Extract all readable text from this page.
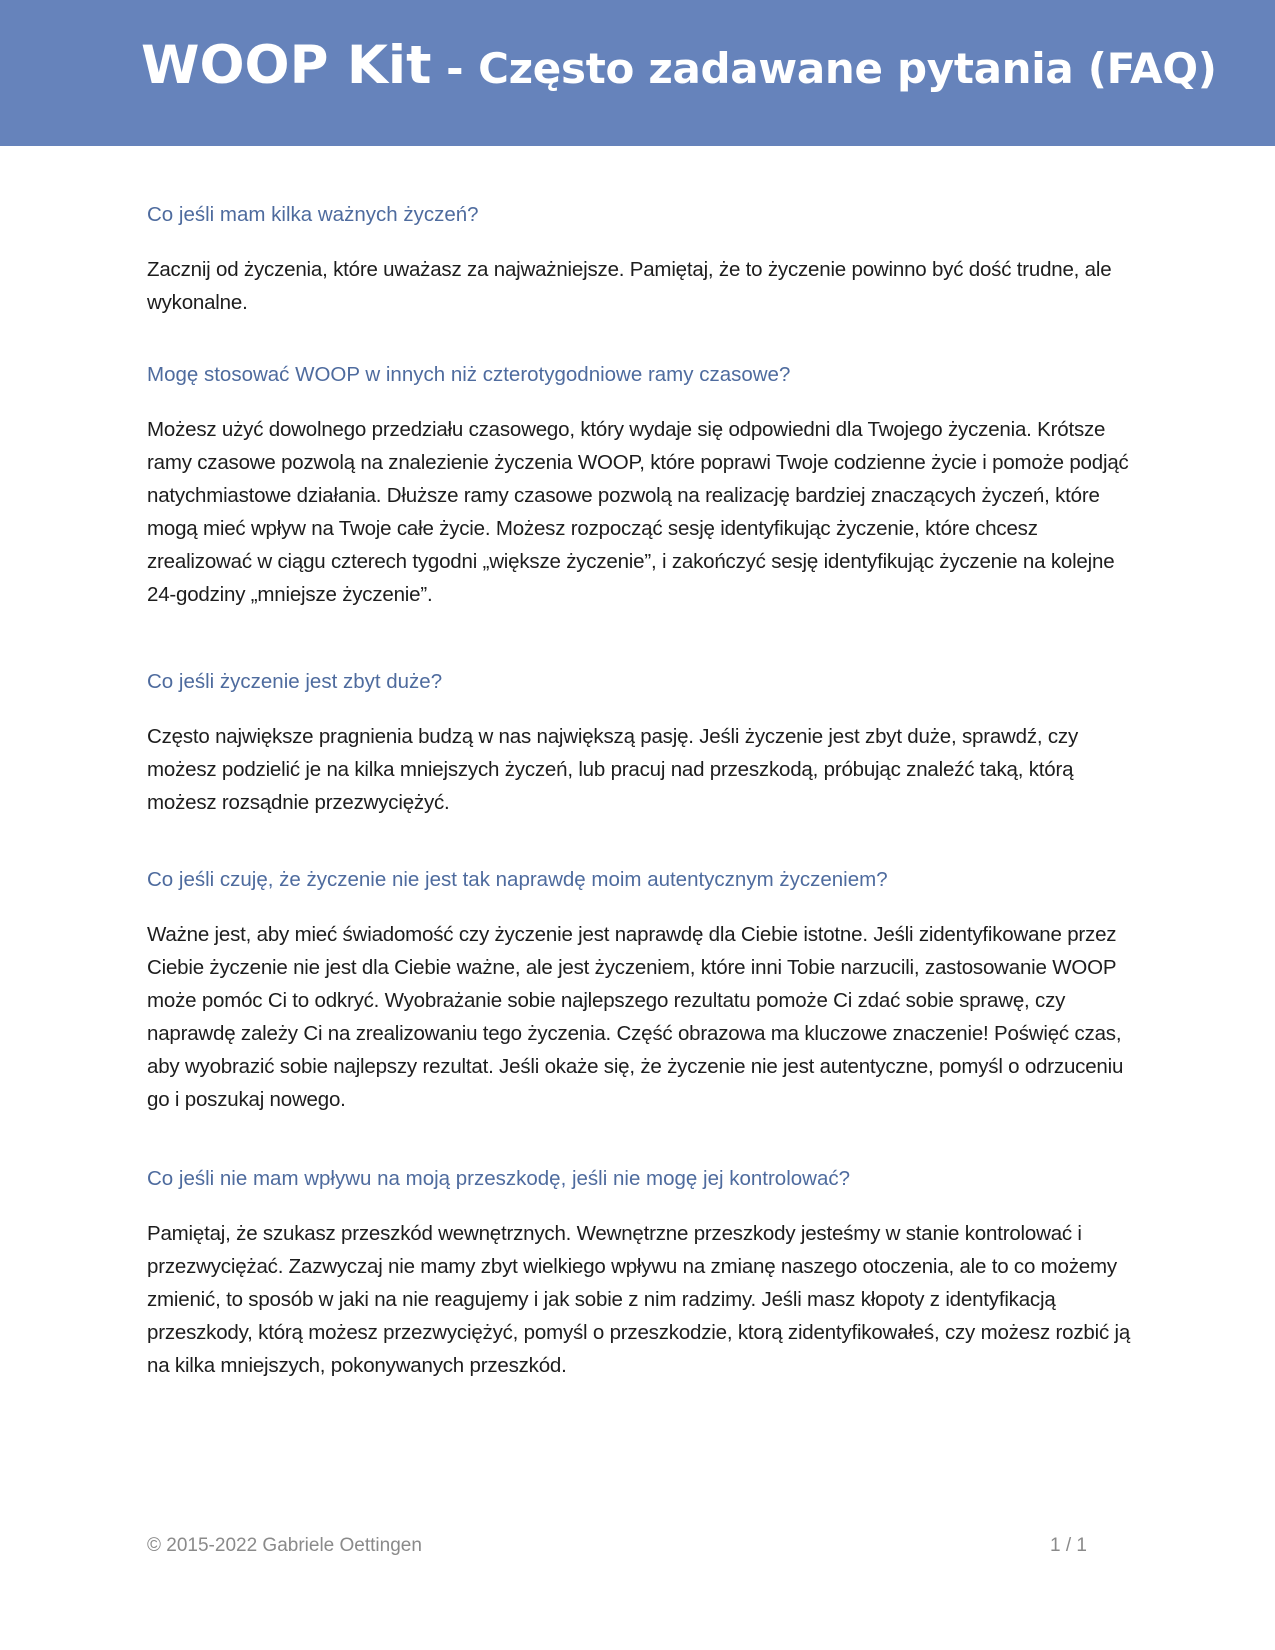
WOOP Kit - Często zadawane pytania (FAQ)
Co jeśli mam kilka ważnych życzeń?

Zacznij od życzenia, które uważasz za najważniejsze. Pamiętaj, że to życzenie powinno być dość trudne, ale wykonalne.

Mogę stosować WOOP w innych niż czterotygodniowe ramy czasowe?

Możesz użyć dowolnego przedziału czasowego, który wydaje się odpowiedni dla Twojego życzenia. Krótsze ramy czasowe pozwolą na znalezienie życzenia WOOP, które poprawi Twoje codzienne życie i pomoże podjąć natychmiastowe działania. Dłuższe ramy czasowe pozwolą na realizację bardziej znaczących życzeń, które mogą mieć wpływ na Twoje całe życie. Możesz rozpocząć sesję identyfikując życzenie, które chcesz zrealizować w ciągu czterech tygodni „większe życzenie”, i zakończyć sesję identyfikując życzenie na kolejne 24-godziny „mniejsze życzenie”.

Co jeśli życzenie jest zbyt duże?

Często największe pragnienia budzą w nas największą pasję. Jeśli życzenie jest zbyt duże, sprawdź, czy możesz podzielić je na kilka mniejszych życzeń, lub pracuj nad przeszkodą, próbując znaleźć taką, którą możesz rozsądnie przezwyciężyć.

Co jeśli czuję, że życzenie nie jest tak naprawdę moim autentycznym życzeniem?

Ważne jest, aby mieć świadomość czy życzenie jest naprawdę dla Ciebie istotne. Jeśli zidentyfikowane przez Ciebie życzenie nie jest dla Ciebie ważne, ale jest życzeniem, które inni Tobie narzucili, zastosowanie WOOP może pomóc Ci to odkryć. Wyobrażanie sobie najlepszego rezultatu pomoże Ci zdać sobie sprawę, czy naprawdę zależy Ci na zrealizowaniu tego życzenia. Część obrazowa ma kluczowe znaczenie! Poświęć czas, aby wyobrazić sobie najlepszy rezultat. Jeśli okaże się, że życzenie nie jest autentyczne, pomyśl o odrzuceniu go i poszukaj nowego.

Co jeśli nie mam wpływu na moją przeszkodę, jeśli nie mogę jej kontrolować?

Pamiętaj, że szukasz przeszkód wewnętrznych. Wewnętrzne przeszkody jesteśmy w stanie kontrolować i przezwyciężać. Zazwyczaj nie mamy zbyt wielkiego wpływu na zmianę naszego otoczenia, ale to co możemy zmienić, to sposób w jaki na nie reagujemy i jak sobie z nim radzimy. Jeśli masz kłopoty z identyfikacją przeszkody, którą możesz przezwyciężyć, pomyśl o przeszkodzie, ktorą zidentyfikowałeś, czy możesz rozbić ją na kilka mniejszych, pokonywanych przeszkód.

© 2015-2022 Gabriele Oettingen	1 / 1
